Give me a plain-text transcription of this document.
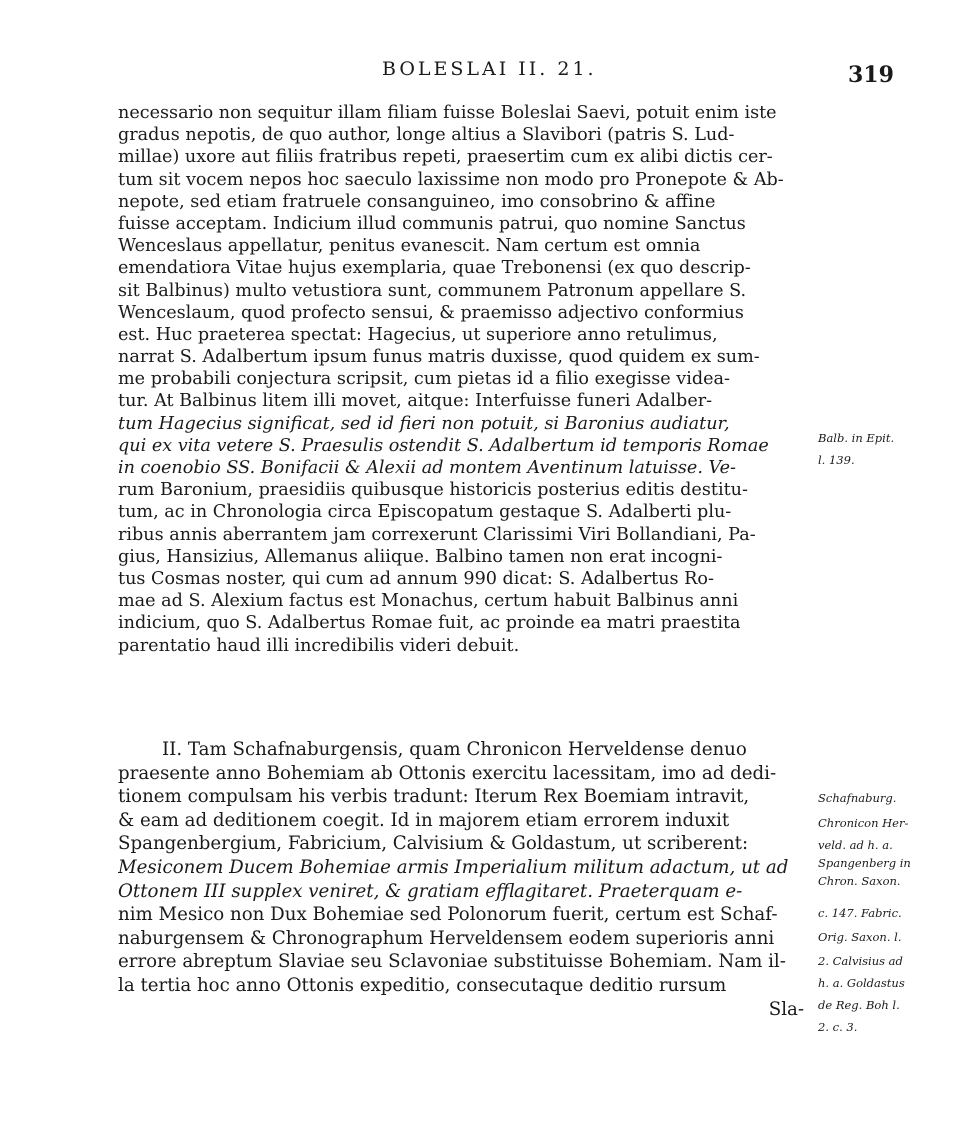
BOLESLAI II. 21.	319
necessario non sequitur illam filiam fuisse Boleslai Saevi, potuit enim iste
gradus nepotis, de quo author, longe altius a Slavibori (patris S. Lud-
millae) uxore aut filiis fratribus repeti, praesertim cum ex alibi dictis cer-
tum sit vocem nepos hoc saeculo laxissime non modo pro Pronepote & Ab-
nepote, sed etiam fratruele consanguineo, imo consobrino & affine
fuisse acceptam. Indicium illud communis patrui, quo nomine Sanctus
Wenceslaus appellatur, penitus evanescit. Nam certum est omnia
emendatiora Vitae hujus exemplaria, quae Trebonensi (ex quo descrip-
sit Balbinus) multo vetustiora sunt, communem Patronum appellare S.
Wenceslaum, quod profecto sensui, & praemisso adjectivo conformius
est. Huc praeterea spectat: Hagecius, ut superiore anno retulimus,
narrat S. Adalbertum ipsum funus matris duxisse, quod quidem ex sum-
me probabili conjectura scripsit, cum pietas id a filio exegisse videa-
tur. At Balbinus litem illi movet, aitque: Interfuisse funeri Adalber-
tum Hagecius significat, sed id fieri non potuit, si Baronius audiatur,
qui ex vita vetere S. Praesulis ostendit S. Adalbertum id temporis Romae
in coenobio SS. Bonifacii & Alexii ad montem Aventinum latuisse. Ve-
rum Baronium, praesidiis quibusque historicis posterius editis destitu-
tum, ac in Chronologia circa Episcopatum gestaque S. Adalberti plu-
ribus annis aberrantem jam correxerunt Clarissimi Viri Bollandiani, Pa-
gius, Hansizius, Allemanus aliique. Balbino tamen non erat incogni-
tus Cosmas noster, qui cum ad annum 990 dicat: S. Adalbertus Ro-
mae ad S. Alexium factus est Monachus, certum habuit Balbinus anni
indicium, quo S. Adalbertus Romae fuit, ac proinde ea matri praestita
parentatio haud illi incredibilis videri debuit.
II. Tam Schafnaburgensis, quam Chronicon Herveldense denuo
praesente anno Bohemiam ab Ottonis exercitu lacessitam, imo ad dedi-
tionem compulsam his verbis tradunt: Iterum Rex Boemiam intravit,
& eam ad deditionem coegit. Id in majorem etiam errorem induxit
Spangenbergium, Fabricium, Calvisium & Goldastum, ut scriberent:
Mesiconem Ducem Bohemiae armis Imperialium militum adactum, ut ad
Ottonem III supplex veniret, & gratiam efflagitaret. Praeterquam e-
nim Mesico non Dux Bohemiae sed Polonorum fuerit, certum est Schaf-
naburgensem & Chronographum Herveldensem eodem superioris anni
errore abreptum Slaviae seu Sclavoniae substituisse Bohemiam. Nam il-
la tertia hoc anno Ottonis expeditio, consecutaque deditio rursum
Sla-
Balb. in Epit.
l. 139.
Schafnaburg.
Chronicon Her-
veld. ad h. a.
Spangenberg in
Chron. Saxon.
c. 147. Fabric.
Orig. Saxon. l.
2. Calvisius ad
h. a. Goldastus
de Reg. Boh l.
2. c. 3.
